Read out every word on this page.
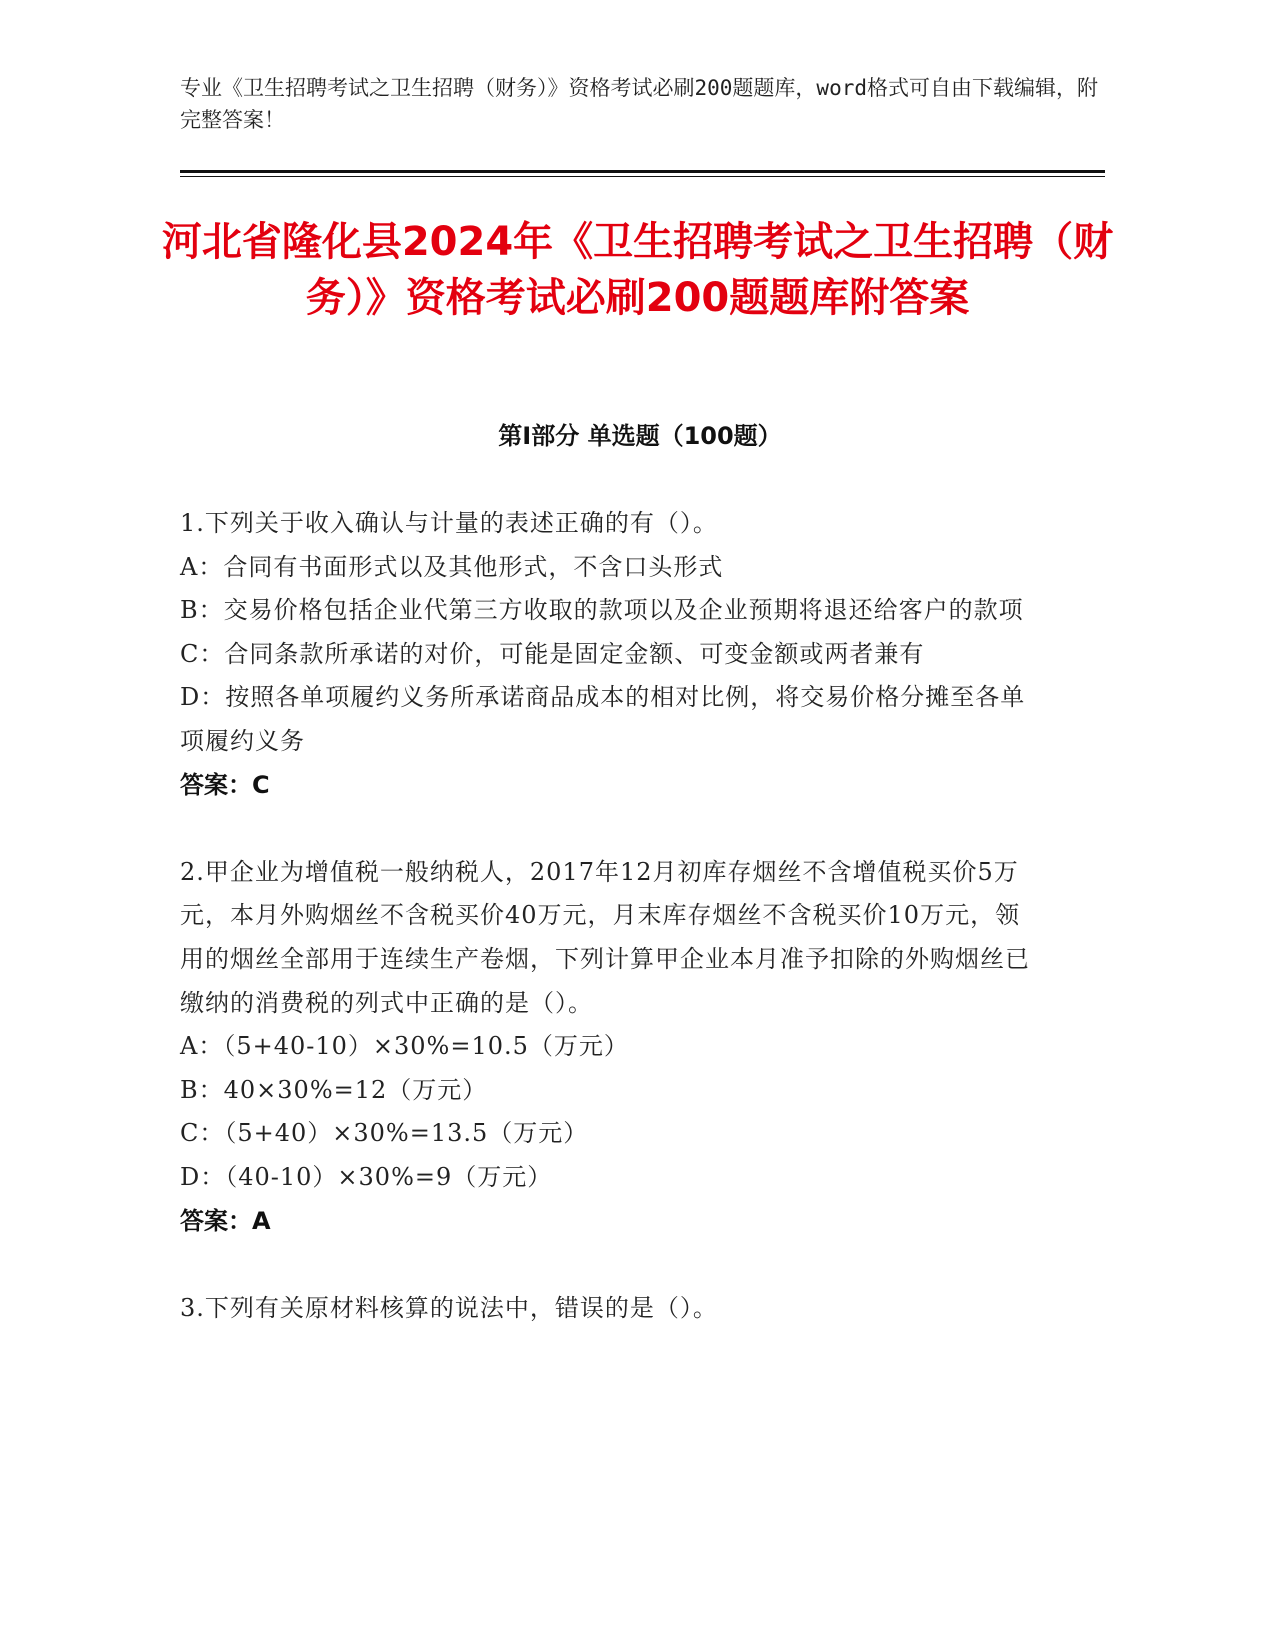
专业《卫生招聘考试之卫生招聘（财务）》资格考试必刷200题题库，word格式可自由下载编辑，附完整答案！
河北省隆化县2024年《卫生招聘考试之卫生招聘（财务）》资格考试必刷200题题库附答案
第Ⅰ部分 单选题（100题）

1.下列关于收入确认与计量的表述正确的有（）。

A：合同有书面形式以及其他形式，不含口头形式

B：交易价格包括企业代第三方收取的款项以及企业预期将退还给客户的款项

C：合同条款所承诺的对价，可能是固定金额、可变金额或两者兼有

D：按照各单项履约义务所承诺商品成本的相对比例，将交易价格分摊至各单项履约义务

答案：C

2.甲企业为增值税一般纳税人，2017年12月初库存烟丝不含增值税买价5万元，本月外购烟丝不含税买价40万元，月末库存烟丝不含税买价10万元，领用的烟丝全部用于连续生产卷烟，下列计算甲企业本月准予扣除的外购烟丝已缴纳的消费税的列式中正确的是（）。

A：（5+40-10）×30%=10.5（万元）

B：40×30%=12（万元）

C：（5+40）×30%=13.5（万元）

D：（40-10）×30%=9（万元）

答案：A

3.下列有关原材料核算的说法中，错误的是（）。
